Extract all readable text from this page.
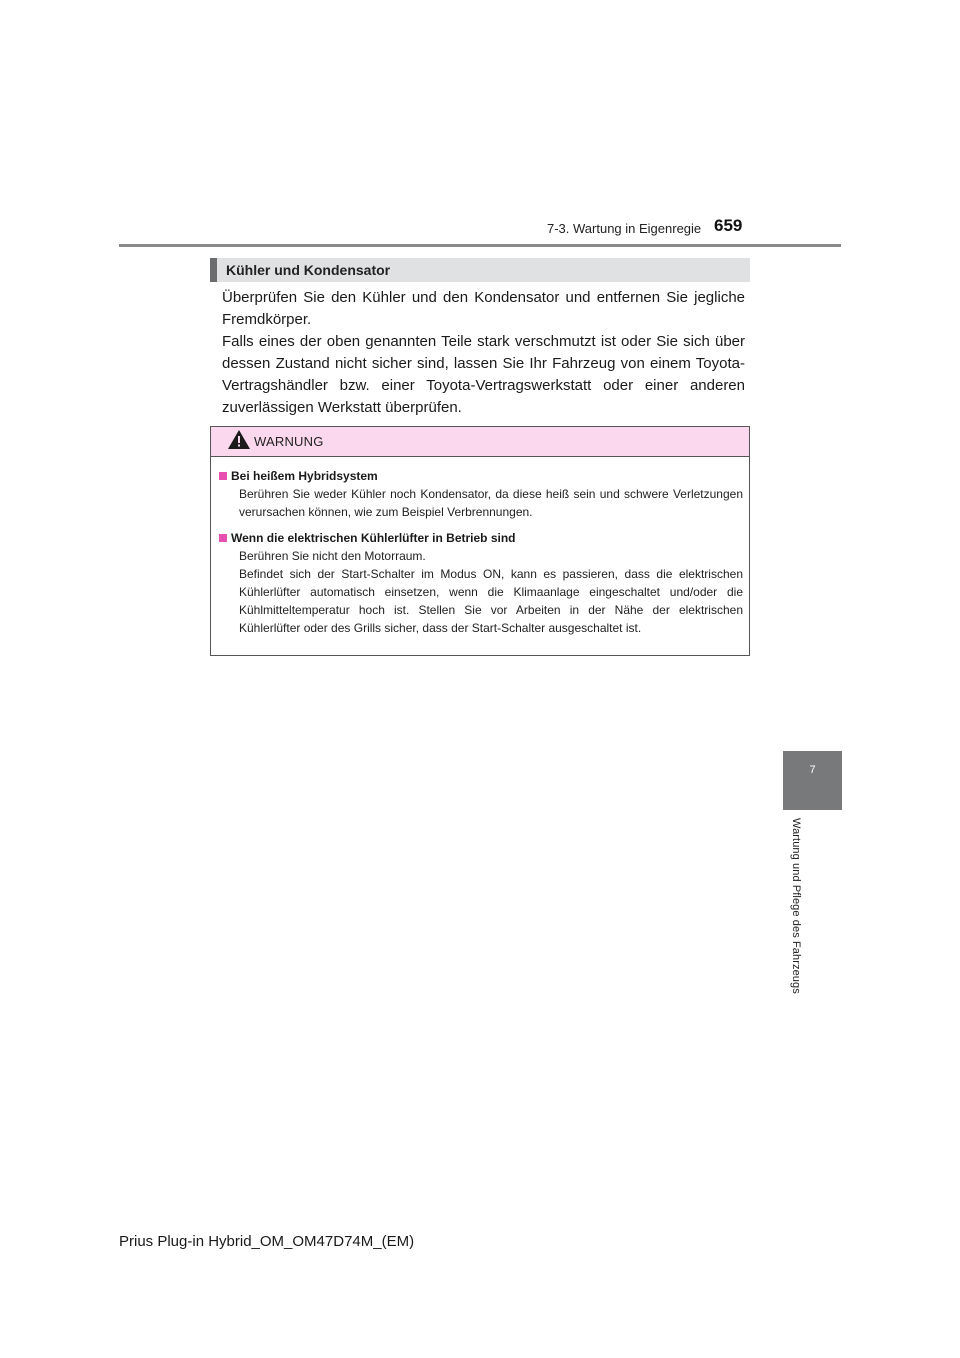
7-3. Wartung in Eigenregie 659
Kühler und Kondensator

Überprüfen Sie den Kühler und den Kondensator und entfernen Sie jegliche Fremdkörper.

Falls eines der oben genannten Teile stark verschmutzt ist oder Sie sich über dessen Zustand nicht sicher sind, lassen Sie Ihr Fahrzeug von einem Toyota-Vertragshändler bzw. einer Toyota-Vertragswerkstatt oder einer anderen zuverlässigen Werkstatt überprüfen.

WARNUNG
Bei heißem Hybridsystem
Berühren Sie weder Kühler noch Kondensator, da diese heiß sein und schwere Verletzungen verursachen können, wie zum Beispiel Verbrennungen.
Wenn die elektrischen Kühlerlüfter in Betrieb sind
Berühren Sie nicht den Motorraum.
Befindet sich der Start-Schalter im Modus ON, kann es passieren, dass die elektrischen Kühlerlüfter automatisch einsetzen, wenn die Klimaanlage eingeschaltet und/oder die Kühlmitteltemperatur hoch ist. Stellen Sie vor Arbeiten in der Nähe der elektrischen Kühlerlüfter oder des Grills sicher, dass der Start-Schalter ausgeschaltet ist.
7
Wartung und Pflege des Fahrzeugs
Prius Plug-in Hybrid_OM_OM47D74M_(EM)
